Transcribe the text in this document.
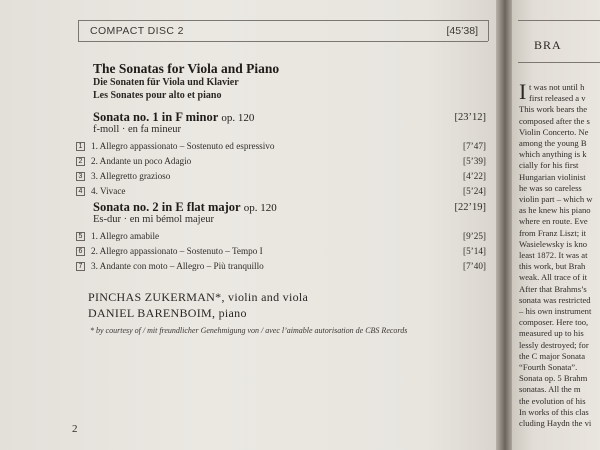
COMPACT DISC 2	[45’38]
The Sonatas for Viola and Piano
Die Sonaten für Viola und Klavier
Les Sonates pour alto et piano
Sonata no. 1 in F minor op. 120	[23’12]
f-moll · en fa mineur
1 1. Allegro appassionato – Sostenuto ed espressivo	[7’47]
2 2. Andante un poco Adagio	[5’39]
3 3. Allegretto grazioso	[4’22]
4 4. Vivace	[5’24]
Sonata no. 2 in E flat major op. 120	[22’19]
Es-dur · en mi bémol majeur
5 1. Allegro amabile	[9’25]
6 2. Allegro appassionato – Sostenuto – Tempo I	[5’14]
7 3. Andante con moto – Allegro – Più tranquillo	[7’40]
PINCHAS ZUKERMAN*, violin and viola
DANIEL BARENBOIM, piano
* by courtesy of / mit freundlicher Genehmigung von / avec l’aimable autorisation de CBS Records
2
BRA
I t was not until h
first released a v
This work bears the
composed after the s
Violin Concerto. Ne
among the young B
which anything is k
cially for his first
Hungarian violinist
he was so careless
violin part – which w
as he knew his piano
where en route. Eve
from Franz Liszt; it
Wasielewsky is kno
least 1872. It was at
this work, but Brah
weak. All trace of it
After that Brahms’s
sonata was restricted
– his own instrument
composer. Here too,
measured up to his
lessly destroyed; for
the C major Sonata
“Fourth Sonata”.
Sonata op. 5 Brahm
sonatas. All the m
the evolution of his
In works of this clas
cluding Haydn the vi
